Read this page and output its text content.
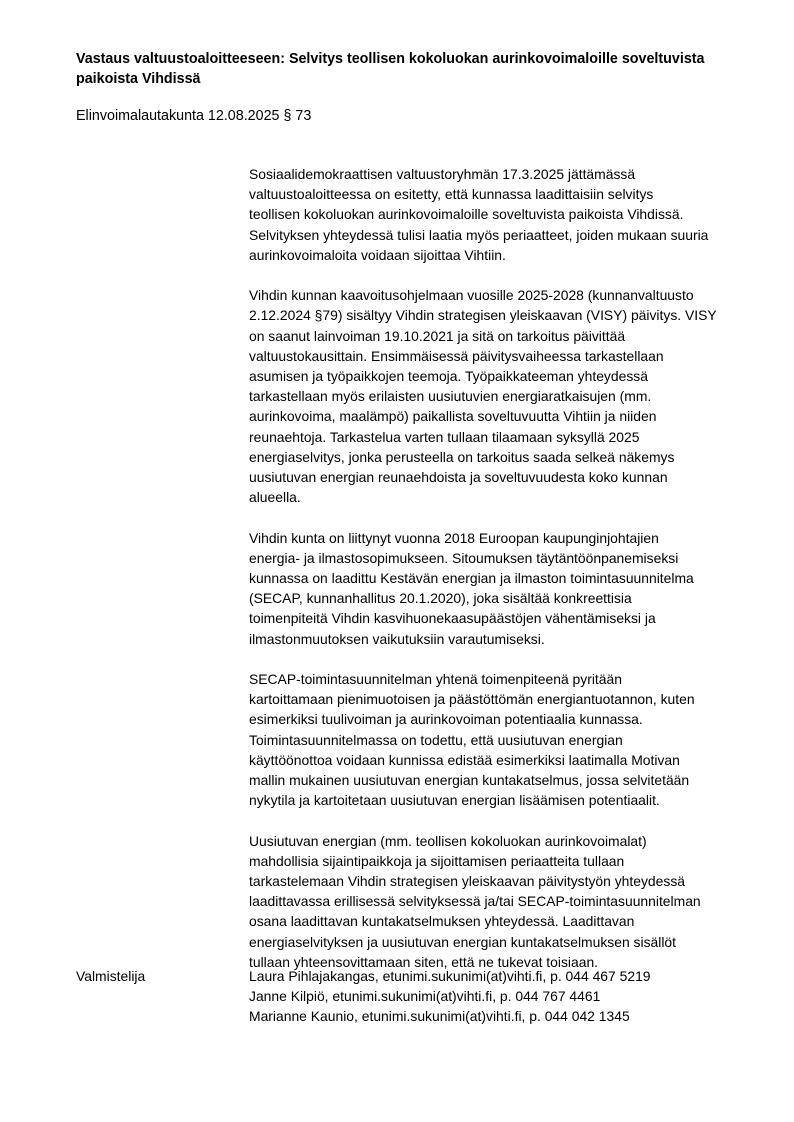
Vastaus valtuustoaloitteeseen: Selvitys teollisen kokoluokan aurinkovoimaloille soveltuvista
paikoista Vihdissä

Elinvoimalautakunta 12.08.2025 § 73

Sosiaalidemokraattisen valtuustoryhmän 17.3.2025 jättämässä
valtuustoaloitteessa on esitetty, että kunnassa laadittaisiin selvitys
teollisen kokoluokan aurinkovoimaloille soveltuvista paikoista Vihdissä.
Selvityksen yhteydessä tulisi laatia myös periaatteet, joiden mukaan suuria
aurinkovoimaloita voidaan sijoittaa Vihtiin.

Vihdin kunnan kaavoitusohjelmaan vuosille 2025-2028 (kunnanvaltuusto
2.12.2024 §79) sisältyy Vihdin strategisen yleiskaavan (VISY) päivitys. VISY
on saanut lainvoiman 19.10.2021 ja sitä on tarkoitus päivittää
valtuustokausittain. Ensimmäisessä päivitysvaiheessa tarkastellaan
asumisen ja työpaikkojen teemoja. Työpaikkateeman yhteydessä
tarkastellaan myös erilaisten uusiutuvien energiaratkaisujen (mm.
aurinkovoima, maalämpö) paikallista soveltuvuutta Vihtiin ja niiden
reunaehtoja. Tarkastelua varten tullaan tilaamaan syksyllä 2025
energiaselvitys, jonka perusteella on tarkoitus saada selkeä näkemys
uusiutuvan energian reunaehdoista ja soveltuvuudesta koko kunnan
alueella.

Vihdin kunta on liittynyt vuonna 2018 Euroopan kaupunginjohtajien
energia- ja ilmastosopimukseen. Sitoumuksen täytäntöönpanemiseksi
kunnassa on laadittu Kestävän energian ja ilmaston toimintasuunnitelma
(SECAP, kunnanhallitus 20.1.2020), joka sisältää konkreettisia
toimenpiteitä Vihdin kasvihuonekaasupäästöjen vähentämiseksi ja
ilmastonmuutoksen vaikutuksiin varautumiseksi.

SECAP-toimintasuunnitelman yhtenä toimenpiteenä pyritään
kartoittamaan pienimuotoisen ja päästöttömän energiantuotannon, kuten
esimerkiksi tuulivoiman ja aurinkovoiman potentiaalia kunnassa.
Toimintasuunnitelmassa on todettu, että uusiutuvan energian
käyttöönottoa voidaan kunnissa edistää esimerkiksi laatimalla Motivan
mallin mukainen uusiutuvan energian kuntakatselmus, jossa selvitetään
nykytila ja kartoitetaan uusiutuvan energian lisäämisen potentiaalit.

Uusiutuvan energian (mm. teollisen kokoluokan aurinkovoimalat)
mahdollisia sijaintipaikkoja ja sijoittamisen periaatteita tullaan
tarkastelemaan Vihdin strategisen yleiskaavan päivitystyön yhteydessä
laadittavassa erillisessä selvityksessä ja/tai SECAP-toimintasuunnitelman
osana laadittavan kuntakatselmuksen yhteydessä. Laadittavan
energiaselvityksen ja uusiutuvan energian kuntakatselmuksen sisällöt
tullaan yhteensovittamaan siten, että ne tukevat toisiaan.

Valmistelija	Laura Pihlajakangas, etunimi.sukunimi(at)vihti.fi, p. 044 467 5219
Janne Kilpiö, etunimi.sukunimi(at)vihti.fi, p. 044 767 4461
Marianne Kaunio, etunimi.sukunimi(at)vihti.fi, p. 044 042 1345
